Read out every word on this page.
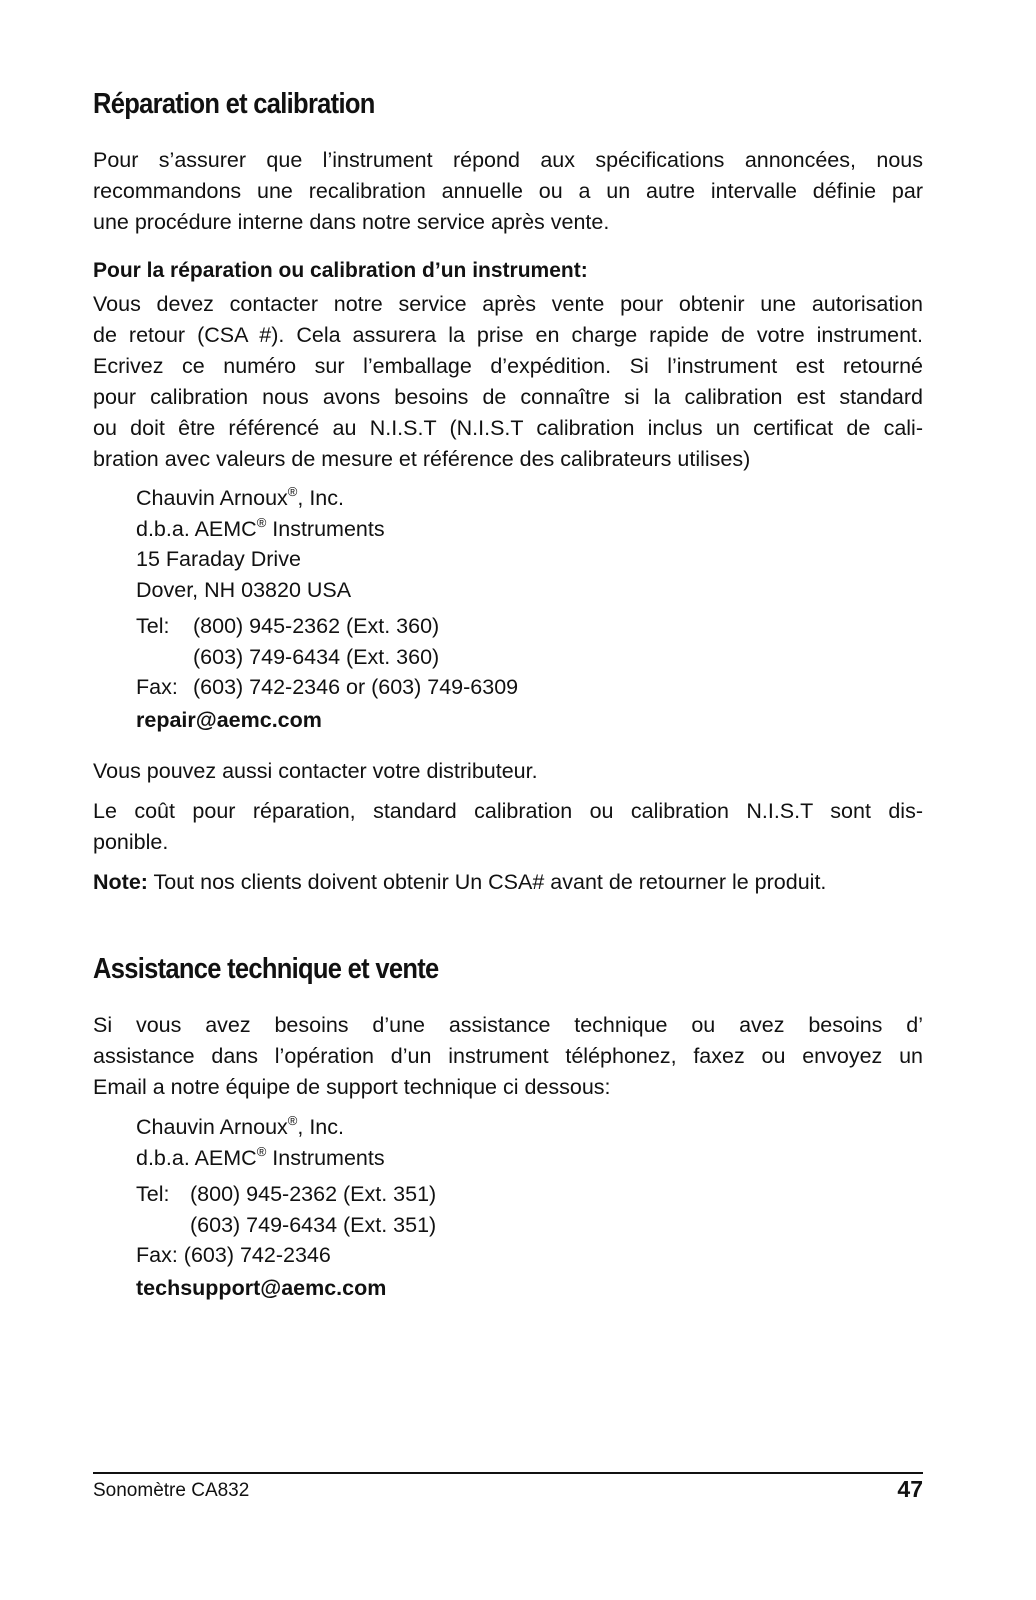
Réparation et calibration
Pour s’assurer que l’instrument répond aux spécifications annoncées, nous
recommandons une recalibration annuelle ou a un autre intervalle définie par
une procédure interne dans notre service après vente.
Pour la réparation ou calibration d’un instrument:
Vous devez contacter notre service après vente pour obtenir une autorisation
de retour (CSA #). Cela assurera la prise en charge rapide de votre instrument.
Ecrivez ce numéro sur l’emballage d’expédition. Si l’instrument est retourné
pour calibration nous avons besoins de connaître si la calibration est standard
ou doit être référencé au N.I.S.T (N.I.S.T calibration inclus un certificat de cali-
bration avec valeurs de mesure et référence des calibrateurs utilises)
Chauvin Arnoux®, Inc.
d.b.a. AEMC® Instruments
15 Faraday Drive
Dover, NH 03820 USA
Tel: (800) 945-2362 (Ext. 360)
(603) 749-6434 (Ext. 360)
Fax: (603) 742-2346 or (603) 749-6309
repair@aemc.com
Vous pouvez aussi contacter votre distributeur.
Le coût pour réparation, standard calibration ou calibration N.I.S.T sont dis-
ponible.
Note: Tout nos clients doivent obtenir Un CSA# avant de retourner le produit.
Assistance technique et vente
Si vous avez besoins d’une assistance technique ou avez besoins d’
assistance dans l’opération d’un instrument téléphonez, faxez ou envoyez un
Email a notre équipe de support technique ci dessous:
Chauvin Arnoux®, Inc.
d.b.a. AEMC® Instruments
Tel: (800) 945-2362 (Ext. 351)
(603) 749-6434 (Ext. 351)
Fax: (603) 742-2346
techsupport@aemc.com
Sonomètre CA832	47
